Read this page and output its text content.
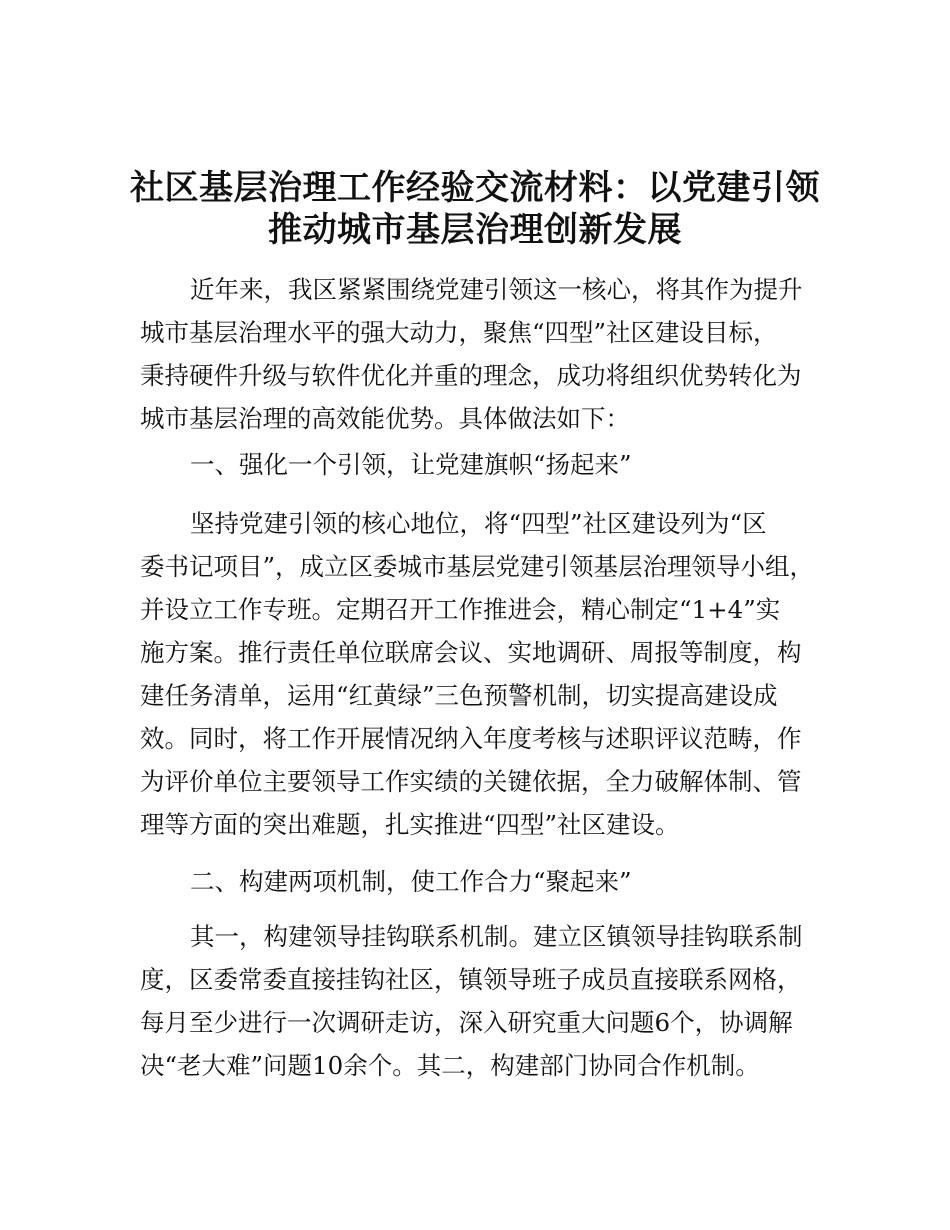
社区基层治理工作经验交流材料：以党建引领
推动城市基层治理创新发展
近年来，我区紧紧围绕党建引领这一核心，将其作为提升
城市基层治理水平的强大动力，聚焦“四型”社区建设目标，
秉持硬件升级与软件优化并重的理念，成功将组织优势转化为
城市基层治理的高效能优势。具体做法如下：
一、强化一个引领，让党建旗帜“扬起来”
坚持党建引领的核心地位，将“四型”社区建设列为“区
委书记项目”，成立区委城市基层党建引领基层治理领导小组，
并设立工作专班。定期召开工作推进会，精心制定“1+4”实
施方案。推行责任单位联席会议、实地调研、周报等制度，构
建任务清单，运用“红黄绿”三色预警机制，切实提高建设成
效。同时，将工作开展情况纳入年度考核与述职评议范畴，作
为评价单位主要领导工作实绩的关键依据，全力破解体制、管
理等方面的突出难题，扎实推进“四型”社区建设。
二、构建两项机制，使工作合力“聚起来”
其一，构建领导挂钩联系机制。建立区镇领导挂钩联系制
度，区委常委直接挂钩社区，镇领导班子成员直接联系网格，
每月至少进行一次调研走访，深入研究重大问题6个，协调解
决“老大难”问题10余个。其二，构建部门协同合作机制。
